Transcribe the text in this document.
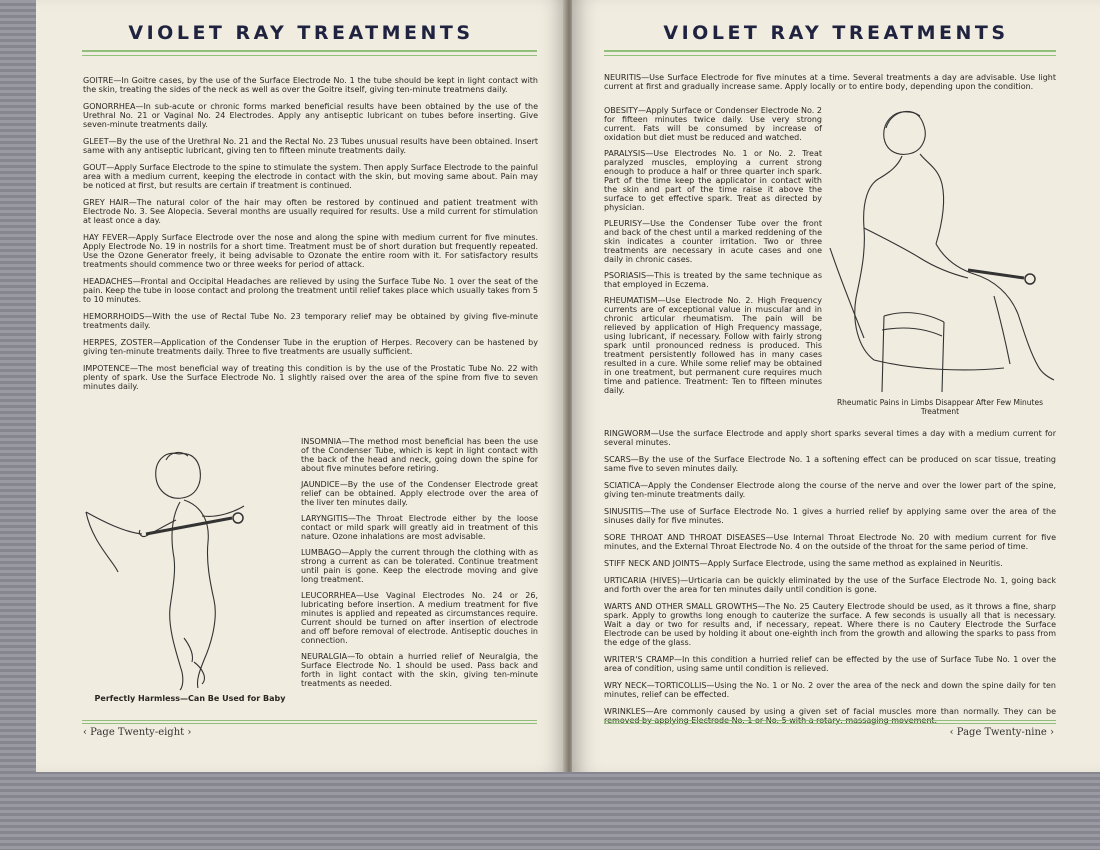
VIOLET RAY TREATMENTS

GOITRE—In Goitre cases, by the use of the Surface Electrode No. 1 the tube should be kept in light contact with the skin, treating the sides of the neck as well as over the Goitre itself, giving ten-minute treatmens daily.

GONORRHEA—In sub-acute or chronic forms marked beneficial results have been obtained by the use of the Urethral No. 21 or Vaginal No. 24 Electrodes. Apply any antiseptic lubricant on tubes before inserting. Give seven-minute treatments daily.

GLEET—By the use of the Urethral No. 21 and the Rectal No. 23 Tubes unusual results have been obtained. Insert same with any antiseptic lubricant, giving ten to fifteen minute treatments daily.

GOUT—Apply Surface Electrode to the spine to stimulate the system. Then apply Surface Electrode to the painful area with a medium current, keeping the electrode in contact with the skin, but moving same about. Pain may be noticed at first, but results are certain if treatment is continued.

GREY HAIR—The natural color of the hair may often be restored by continued and patient treatment with Electrode No. 3. See Alopecia. Several months are usually required for results. Use a mild current for stimulation at least once a day.

HAY FEVER—Apply Surface Electrode over the nose and along the spine with medium current for five minutes. Apply Electrode No. 19 in nostrils for a short time. Treatment must be of short duration but frequently repeated. Use the Ozone Generator freely, it being advisable to Ozonate the entire room with it. For satisfactory results treatments should commence two or three weeks for period of attack.

HEADACHES—Frontal and Occipital Headaches are relieved by using the Surface Tube No. 1 over the seat of the pain. Keep the tube in loose contact and prolong the treatment until relief takes place which usually takes from 5 to 10 minutes.

HEMORRHOIDS—With the use of Rectal Tube No. 23 temporary relief may be obtained by giving five-minute treatments daily.

HERPES, ZOSTER—Application of the Condenser Tube in the eruption of Herpes. Recovery can be hastened by giving ten-minute treatments daily. Three to five treatments are usually sufficient.

IMPOTENCE—The most beneficial way of treating this condition is by the use of the Prostatic Tube No. 22 with plenty of spark. Use the Surface Electrode No. 1 slightly raised over the area of the spine from five to seven minutes daily.

Perfectly Harmless—Can Be Used for Baby

INSOMNIA—The method most beneficial has been the use of the Condenser Tube, which is kept in light contact with the back of the head and neck, going down the spine for about five minutes before retiring.

JAUNDICE—By the use of the Condenser Electrode great relief can be obtained. Apply electrode over the area of the liver ten minutes daily.

LARYNGITIS—The Throat Electrode either by the loose contact or mild spark will greatly aid in treatment of this nature. Ozone inhalations are most advisable.

LUMBAGO—Apply the current through the clothing with as strong a current as can be tolerated. Continue treatment until pain is gone. Keep the electrode moving and give long treatment.

LEUCORRHEA—Use Vaginal Electrodes No. 24 or 26, lubricating before insertion. A medium treatment for five minutes is applied and repeated as circumstances require. Current should be turned on after insertion of electrode and off before removal of electrode. Antiseptic douches in connection.

NEURALGIA—To obtain a hurried relief of Neuralgia, the Surface Electrode No. 1 should be used. Pass back and forth in light contact with the skin, giving ten-minute treatments as needed.

‹ Page Twenty-eight ›
VIOLET RAY TREATMENTS

NEURITIS—Use Surface Electrode for five minutes at a time. Several treatments a day are advisable. Use light current at first and gradually increase same. Apply locally or to entire body, depending upon the condition.

OBESITY—Apply Surface or Condenser Electrode No. 2 for fifteen minutes twice daily. Use very strong current. Fats will be consumed by increase of oxidation but diet must be reduced and watched.

PARALYSIS—Use Electrodes No. 1 or No. 2. Treat paralyzed muscles, employing a current strong enough to produce a half or three quarter inch spark. Part of the time keep the applicator in contact with the skin and part of the time raise it above the surface to get effective spark. Treat as directed by physician.

PLEURISY—Use the Condenser Tube over the front and back of the chest until a marked reddening of the skin indicates a counter irritation. Two or three treatments are necessary in acute cases and one daily in chronic cases.

PSORIASIS—This is treated by the same technique as that employed in Eczema.

RHEUMATISM—Use Electrode No. 2. High Frequency currents are of exceptional value in muscular and in chronic articular rheumatism. The pain will be relieved by application of High Frequency massage, using lubricant, if necessary. Follow with fairly strong spark until pronounced redness is produced. This treatment persistently followed has in many cases resulted in a cure. While some relief may be obtained in one treatment, but permanent cure requires much time and patience. Treatment: Ten to fifteen minutes daily.

Rheumatic Pains in Limbs Disappear After Few Minutes Treatment

RINGWORM—Use the surface Electrode and apply short sparks several times a day with a medium current for several minutes.

SCARS—By the use of the Surface Electrode No. 1 a softening effect can be produced on scar tissue, treating same five to seven minutes daily.

SCIATICA—Apply the Condenser Electrode along the course of the nerve and over the lower part of the spine, giving ten-minute treatments daily.

SINUSITIS—The use of Surface Electrode No. 1 gives a hurried relief by applying same over the area of the sinuses daily for five minutes.

SORE THROAT AND THROAT DISEASES—Use Internal Throat Electrode No. 20 with medium current for five minutes, and the External Throat Electrode No. 4 on the outside of the throat for the same period of time.

STIFF NECK AND JOINTS—Apply Surface Electrode, using the same method as explained in Neuritis.

URTICARIA (HIVES)—Urticaria can be quickly eliminated by the use of the Surface Electrode No. 1, going back and forth over the area for ten minutes daily until condition is gone.

WARTS AND OTHER SMALL GROWTHS—The No. 25 Cautery Electrode should be used, as it throws a fine, sharp spark. Apply to growths long enough to cauterize the surface. A few seconds is usually all that is necessary. Wait a day or two for results and, if necessary, repeat. Where there is no Cautery Electrode the Surface Electrode can be used by holding it about one-eighth inch from the growth and allowing the sparks to pass from the edge of the glass.

WRITER'S CRAMP—In this condition a hurried relief can be effected by the use of Surface Tube No. 1 over the area of condition, using same until condition is relieved.

WRY NECK—TORTICOLLIS—Using the No. 1 or No. 2 over the area of the neck and down the spine daily for ten minutes, relief can be effected.

WRINKLES—Are commonly caused by using a given set of facial muscles more than normally. They can be removed by applying Electrode No. 1 or No. 5 with a rotary, massaging movement.

‹ Page Twenty-nine ›
